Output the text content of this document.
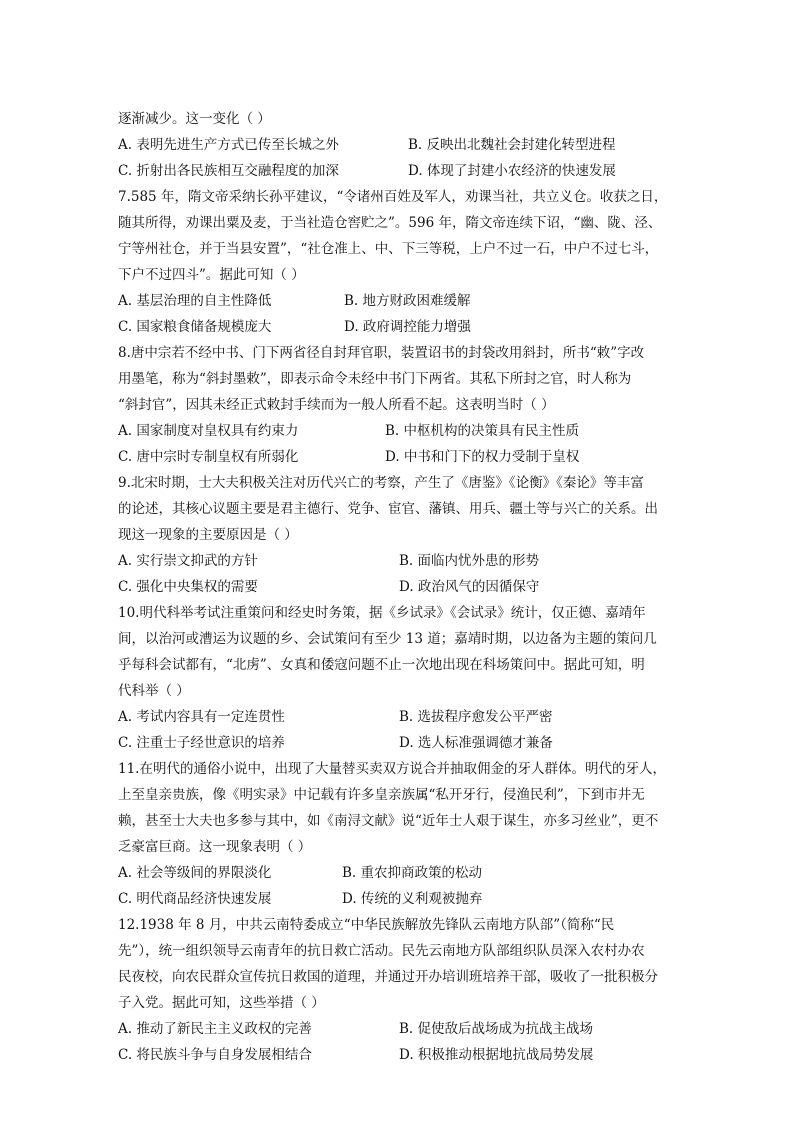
逐渐减少。这一变化（ ）
A. 表明先进生产方式已传至长城之外	B. 反映出北魏社会封建化转型进程
C. 折射出各民族相互交融程度的加深	D. 体现了封建小农经济的快速发展
7.585 年，隋文帝采纳长孙平建议，“令诸州百姓及军人，劝课当社，共立义仓。收获之日，
随其所得，劝课出粟及麦，于当社造仓窖贮之”。596 年，隋文帝连续下诏，“幽、陇、泾、
宁等州社仓，并于当县安置”，“社仓准上、中、下三等税，上户不过一石，中户不过七斗，
下户不过四斗”。据此可知（ ）
A. 基层治理的自主性降低	B. 地方财政困难缓解
C. 国家粮食储备规模庞大	D. 政府调控能力增强
8.唐中宗若不经中书、门下两省径自封拜官职，装置诏书的封袋改用斜封，所书“敕”字改
用墨笔，称为“斜封墨敕”，即表示命令未经中书门下两省。其私下所封之官，时人称为
“斜封官”，因其未经正式敕封手续而为一般人所看不起。这表明当时（ ）
A. 国家制度对皇权具有约束力	B. 中枢机构的决策具有民主性质
C. 唐中宗时专制皇权有所弱化	D. 中书和门下的权力受制于皇权
9.北宋时期，士大夫积极关注对历代兴亡的考察，产生了《唐鉴》《论衡》《秦论》等丰富
的论述，其核心议题主要是君主德行、党争、宦官、藩镇、用兵、疆土等与兴亡的关系。出
现这一现象的主要原因是（ ）
A. 实行崇文抑武的方针	B. 面临内忧外患的形势
C. 强化中央集权的需要	D. 政治风气的因循保守
10.明代科举考试注重策问和经史时务策，据《乡试录》《会试录》统计，仅正德、嘉靖年
间，以治河或漕运为议题的乡、会试策问有至少 13 道；嘉靖时期，以边备为主题的策问几
乎每科会试都有，“北虏”、女真和倭寇问题不止一次地出现在科场策问中。据此可知，明
代科举（ ）
A. 考试内容具有一定连贯性	B. 选拔程序愈发公平严密
C. 注重士子经世意识的培养	D. 选人标准强调德才兼备
11.在明代的通俗小说中，出现了大量替买卖双方说合并抽取佣金的牙人群体。明代的牙人，
上至皇亲贵族，像《明实录》中记载有许多皇亲族属“私开牙行，侵渔民利”，下到市井无
赖，甚至士大夫也多参与其中，如《南浔文献》说“近年士人艰于谋生，亦多习丝业”，更不
乏豪富巨商。这一现象表明（ ）
A. 社会等级间的界限淡化	B. 重农抑商政策的松动
C. 明代商品经济快速发展	D. 传统的义利观被抛弃
12.1938 年 8 月，中共云南特委成立“中华民族解放先锋队云南地方队部”（简称“民
先”），统一组织领导云南青年的抗日救亡活动。民先云南地方队部组织队员深入农村办农
民夜校，向农民群众宣传抗日救国的道理，并通过开办培训班培养干部，吸收了一批积极分
子入党。据此可知，这些举措（ ）
A. 推动了新民主主义政权的完善	B. 促使敌后战场成为抗战主战场
C. 将民族斗争与自身发展相结合	D. 积极推动根据地抗战局势发展
